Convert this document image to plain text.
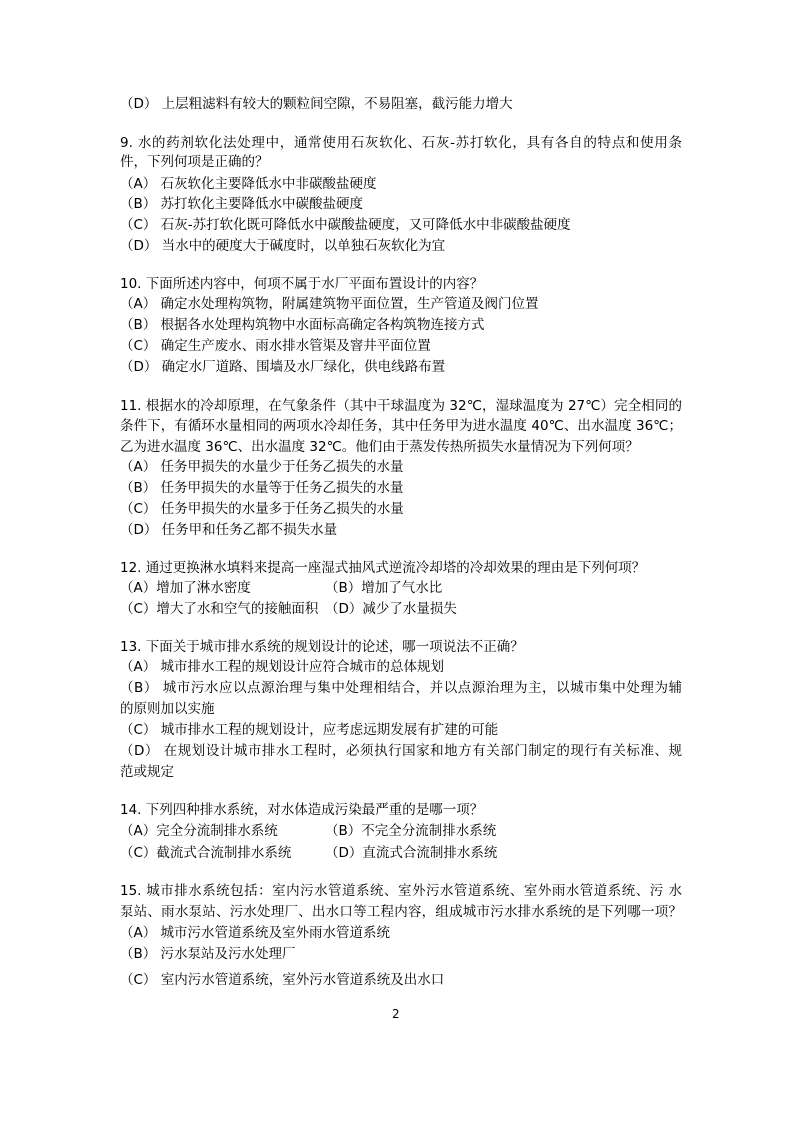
（D） 上层粗滤料有较大的颗粒间空隙，不易阻塞，截污能力增大
9. 水的药剂软化法处理中，通常使用石灰软化、石灰-苏打软化，具有各自的特点和使用条
件，下列何项是正确的？
（A） 石灰软化主要降低水中非碳酸盐硬度
（B） 苏打软化主要降低水中碳酸盐硬度
（C） 石灰-苏打软化既可降低水中碳酸盐硬度，又可降低水中非碳酸盐硬度
（D） 当水中的硬度大于碱度时，以单独石灰软化为宜
10. 下面所述内容中，何项不属于水厂平面布置设计的内容？
（A） 确定水处理构筑物，附属建筑物平面位置，生产管道及阀门位置
（B） 根据各水处理构筑物中水面标高确定各构筑物连接方式
（C） 确定生产废水、雨水排水管渠及窨井平面位置
（D） 确定水厂道路、围墙及水厂绿化，供电线路布置
11. 根据水的冷却原理，在气象条件（其中干球温度为 32℃，湿球温度为 27℃）完全相同的
条件下，有循环水量相同的两项水冷却任务，其中任务甲为进水温度 40℃、出水温度 36℃；
乙为进水温度 36℃、出水温度 32℃。他们由于蒸发传热所损失水量情况为下列何项？
（A） 任务甲损失的水量少于任务乙损失的水量
（B） 任务甲损失的水量等于任务乙损失的水量
（C） 任务甲损失的水量多于任务乙损失的水量
（D） 任务甲和任务乙都不损失水量
12. 通过更换淋水填料来提高一座湿式抽风式逆流冷却塔的冷却效果的理由是下列何项？
（A）增加了淋水密度	（B）增加了气水比
（C）增大了水和空气的接触面积 （D）减少了水量损失
13. 下面关于城市排水系统的规划设计的论述，哪一项说法不正确？
（A） 城市排水工程的规划设计应符合城市的总体规划
（B） 城市污水应以点源治理与集中处理相结合，并以点源治理为主，以城市集中处理为辅
的原则加以实施
（C） 城市排水工程的规划设计，应考虑远期发展有扩建的可能
（D） 在规划设计城市排水工程时，必须执行国家和地方有关部门制定的现行有关标准、规
范或规定
14. 下列四种排水系统，对水体造成污染最严重的是哪一项？
（A）完全分流制排水系统	（B）不完全分流制排水系统
（C）截流式合流制排水系统 （D）直流式合流制排水系统
15. 城市排水系统包括：室内污水管道系统、室外污水管道系统、室外雨水管道系统、污 水
泵站、雨水泵站、污水处理厂、出水口等工程内容，组成城市污水排水系统的是下列哪一项？
（A） 城市污水管道系统及室外雨水管道系统
（B） 污水泵站及污水处理厂
（C） 室内污水管道系统，室外污水管道系统及出水口
2
